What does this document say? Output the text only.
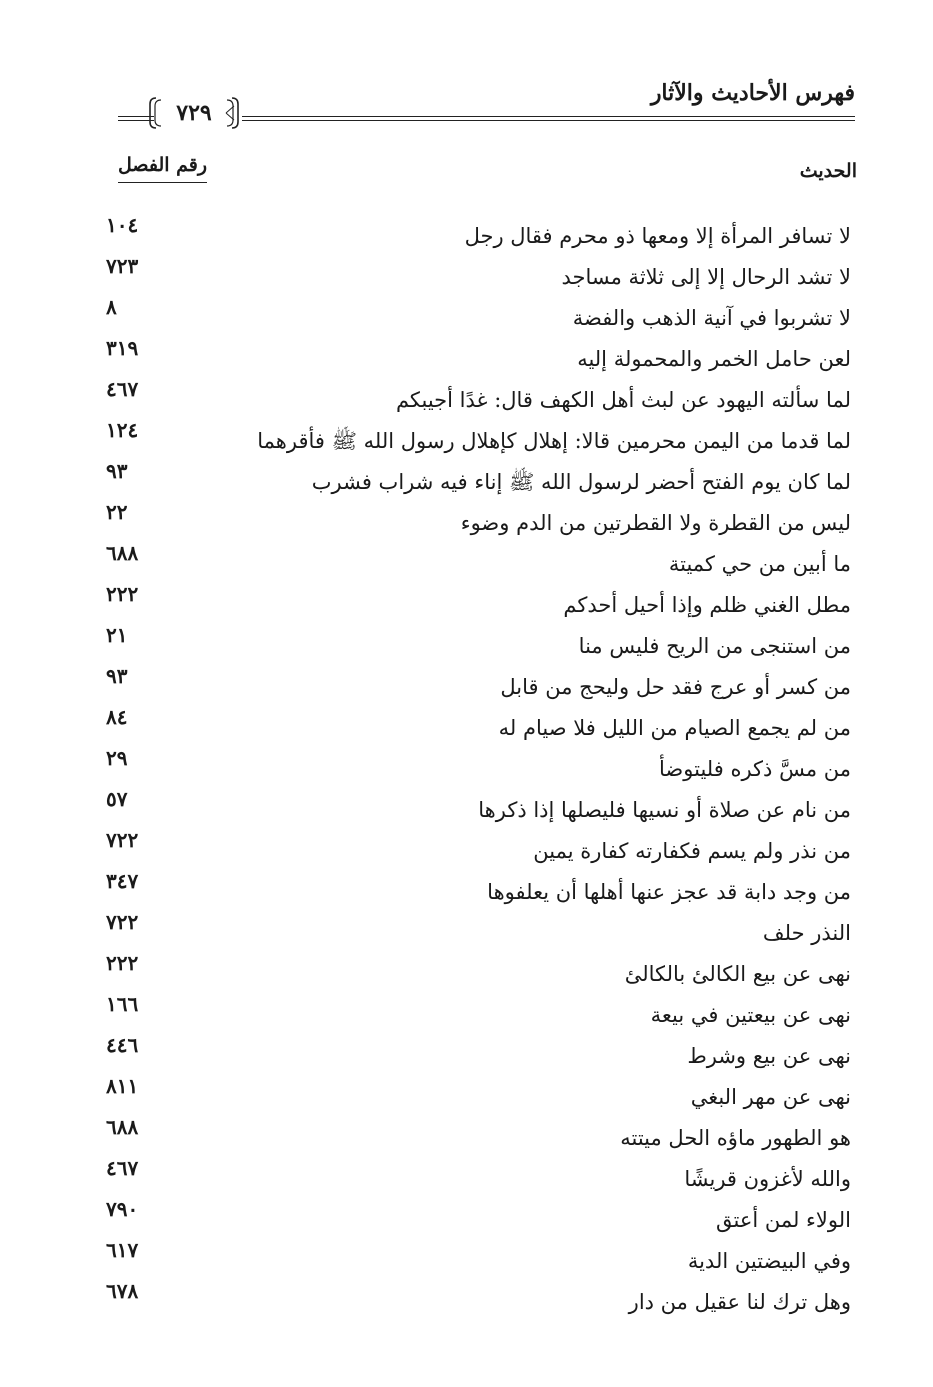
فهرس الأحاديث والآثار
٧٢٩
الحديث
رقم الفصل
لا تسافر المرأة إلا ومعها ذو محرم فقال رجل
١٠٤
لا تشد الرحال إلا إلى ثلاثة مساجد
٧٢٣
لا تشربوا في آنية الذهب والفضة
٨
لعن حامل الخمر والمحمولة إليه
٣١٩
لما سألته اليهود عن لبث أهل الكهف قال: غدًا أجيبكم
٤٦٧
لما قدما من اليمن محرمين قالا: إهلال كإهلال رسول الله ﷺ فأقرهما
١٢٤
لما كان يوم الفتح أحضر لرسول الله ﷺ إناء فيه شراب فشرب
٩٣
ليس من القطرة ولا القطرتين من الدم وضوء
٢٢
ما أبين من حي كميتة
٦٨٨
مطل الغني ظلم وإذا أحيل أحدكم
٢٢٢
من استنجى من الريح فليس منا
٢١
من كسر أو عرج فقد حل وليحج من قابل
٩٣
من لم يجمع الصيام من الليل فلا صيام له
٨٤
من مسَّ ذكره فليتوضأ
٢٩
من نام عن صلاة أو نسيها فليصلها إذا ذكرها
٥٧
من نذر ولم يسم فكفارته كفارة يمين
٧٢٢
من وجد دابة قد عجز عنها أهلها أن يعلفوها
٣٤٧
النذر حلف
٧٢٢
نهى عن بيع الكالئ بالكالئ
٢٢٢
نهى عن بيعتين في بيعة
١٦٦
نهى عن بيع وشرط
٤٤٦
نهى عن مهر البغي
٨١١
هو الطهور ماؤه الحل ميتته
٦٨٨
والله لأغزون قريشًا
٤٦٧
الولاء لمن أعتق
٧٩٠
وفي البيضتين الدية
٦١٧
وهل ترك لنا عقيل من دار
٦٧٨
